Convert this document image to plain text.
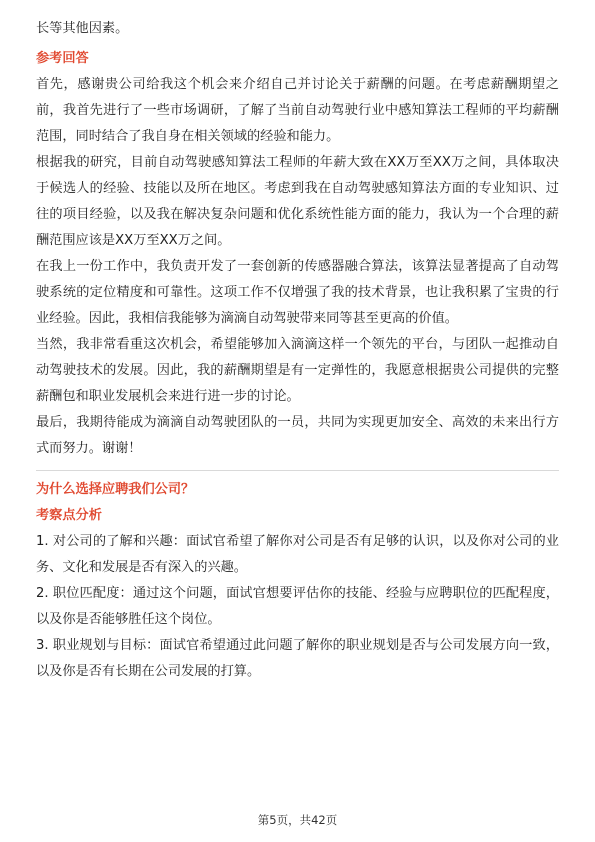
长等其他因素。

参考回答

首先，感谢贵公司给我这个机会来介绍自己并讨论关于薪酬的问题。在考虑薪酬期望之前，我首先进行了一些市场调研，了解了当前自动驾驶行业中感知算法工程师的平均薪酬范围，同时结合了我自身在相关领域的经验和能力。

根据我的研究，目前自动驾驶感知算法工程师的年薪大致在XX万至XX万之间，具体取决于候选人的经验、技能以及所在地区。考虑到我在自动驾驶感知算法方面的专业知识、过往的项目经验，以及我在解决复杂问题和优化系统性能方面的能力，我认为一个合理的薪酬范围应该是XX万至XX万之间。

在我上一份工作中，我负责开发了一套创新的传感器融合算法，该算法显著提高了自动驾驶系统的定位精度和可靠性。这项工作不仅增强了我的技术背景，也让我积累了宝贵的行业经验。因此，我相信我能够为滴滴自动驾驶带来同等甚至更高的价值。

当然，我非常看重这次机会，希望能够加入滴滴这样一个领先的平台，与团队一起推动自动驾驶技术的发展。因此，我的薪酬期望是有一定弹性的，我愿意根据贵公司提供的完整薪酬包和职业发展机会来进行进一步的讨论。

最后，我期待能成为滴滴自动驾驶团队的一员，共同为实现更加安全、高效的未来出行方式而努力。谢谢！

为什么选择应聘我们公司？

考察点分析

1. 对公司的了解和兴趣：面试官希望了解你对公司是否有足够的认识，以及你对公司的业务、文化和发展是否有深入的兴趣。

2. 职位匹配度：通过这个问题，面试官想要评估你的技能、经验与应聘职位的匹配程度，以及你是否能够胜任这个岗位。

3. 职业规划与目标：面试官希望通过此问题了解你的职业规划是否与公司发展方向一致，以及你是否有长期在公司发展的打算。

第5页，共42页
